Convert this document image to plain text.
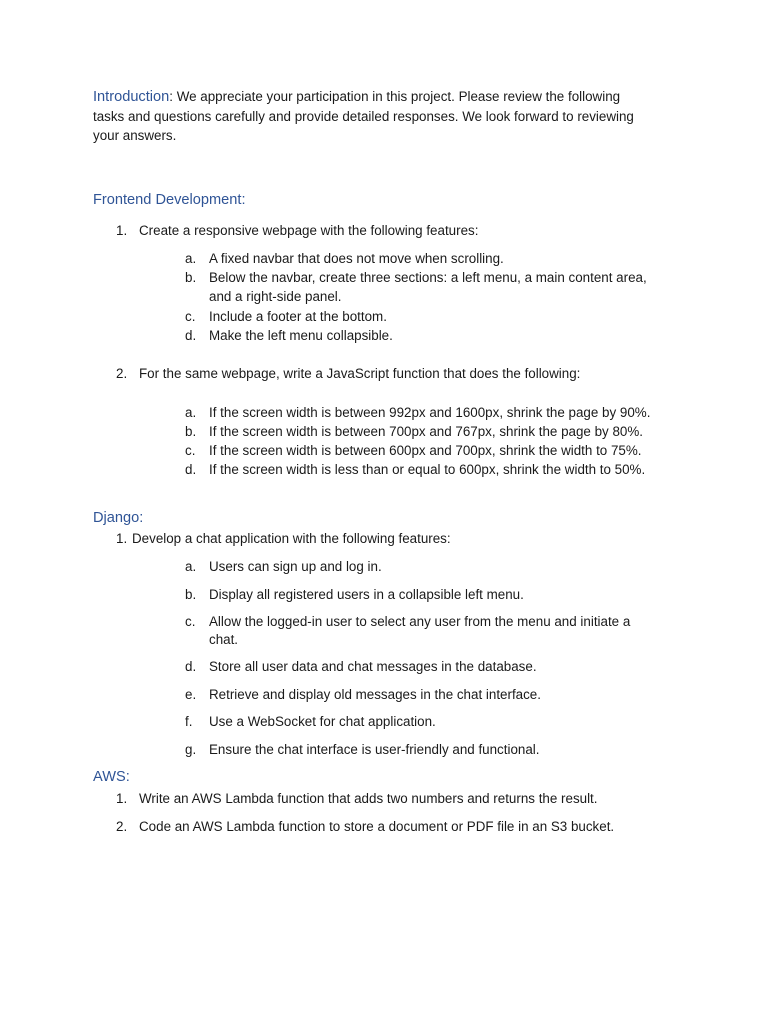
Introduction: We appreciate your participation in this project. Please review the following
tasks and questions carefully and provide detailed responses. We look forward to reviewing
your answers.
Frontend Development:
1. Create a responsive webpage with the following features:
a. A fixed navbar that does not move when scrolling.
b. Below the navbar, create three sections: a left menu, a main content area,
and a right-side panel.
c. Include a footer at the bottom.
d. Make the left menu collapsible.
2. For the same webpage, write a JavaScript function that does the following:
a. If the screen width is between 992px and 1600px, shrink the page by 90%.
b. If the screen width is between 700px and 767px, shrink the page by 80%.
c. If the screen width is between 600px and 700px, shrink the width to 75%.
d. If the screen width is less than or equal to 600px, shrink the width to 50%.
Django:
1. Develop a chat application with the following features:
a. Users can sign up and log in.
b. Display all registered users in a collapsible left menu.
c. Allow the logged-in user to select any user from the menu and initiate a
chat.
d. Store all user data and chat messages in the database.
e. Retrieve and display old messages in the chat interface.
f. Use a WebSocket for chat application.
g. Ensure the chat interface is user-friendly and functional.
AWS:
1. Write an AWS Lambda function that adds two numbers and returns the result.
2. Code an AWS Lambda function to store a document or PDF file in an S3 bucket.
